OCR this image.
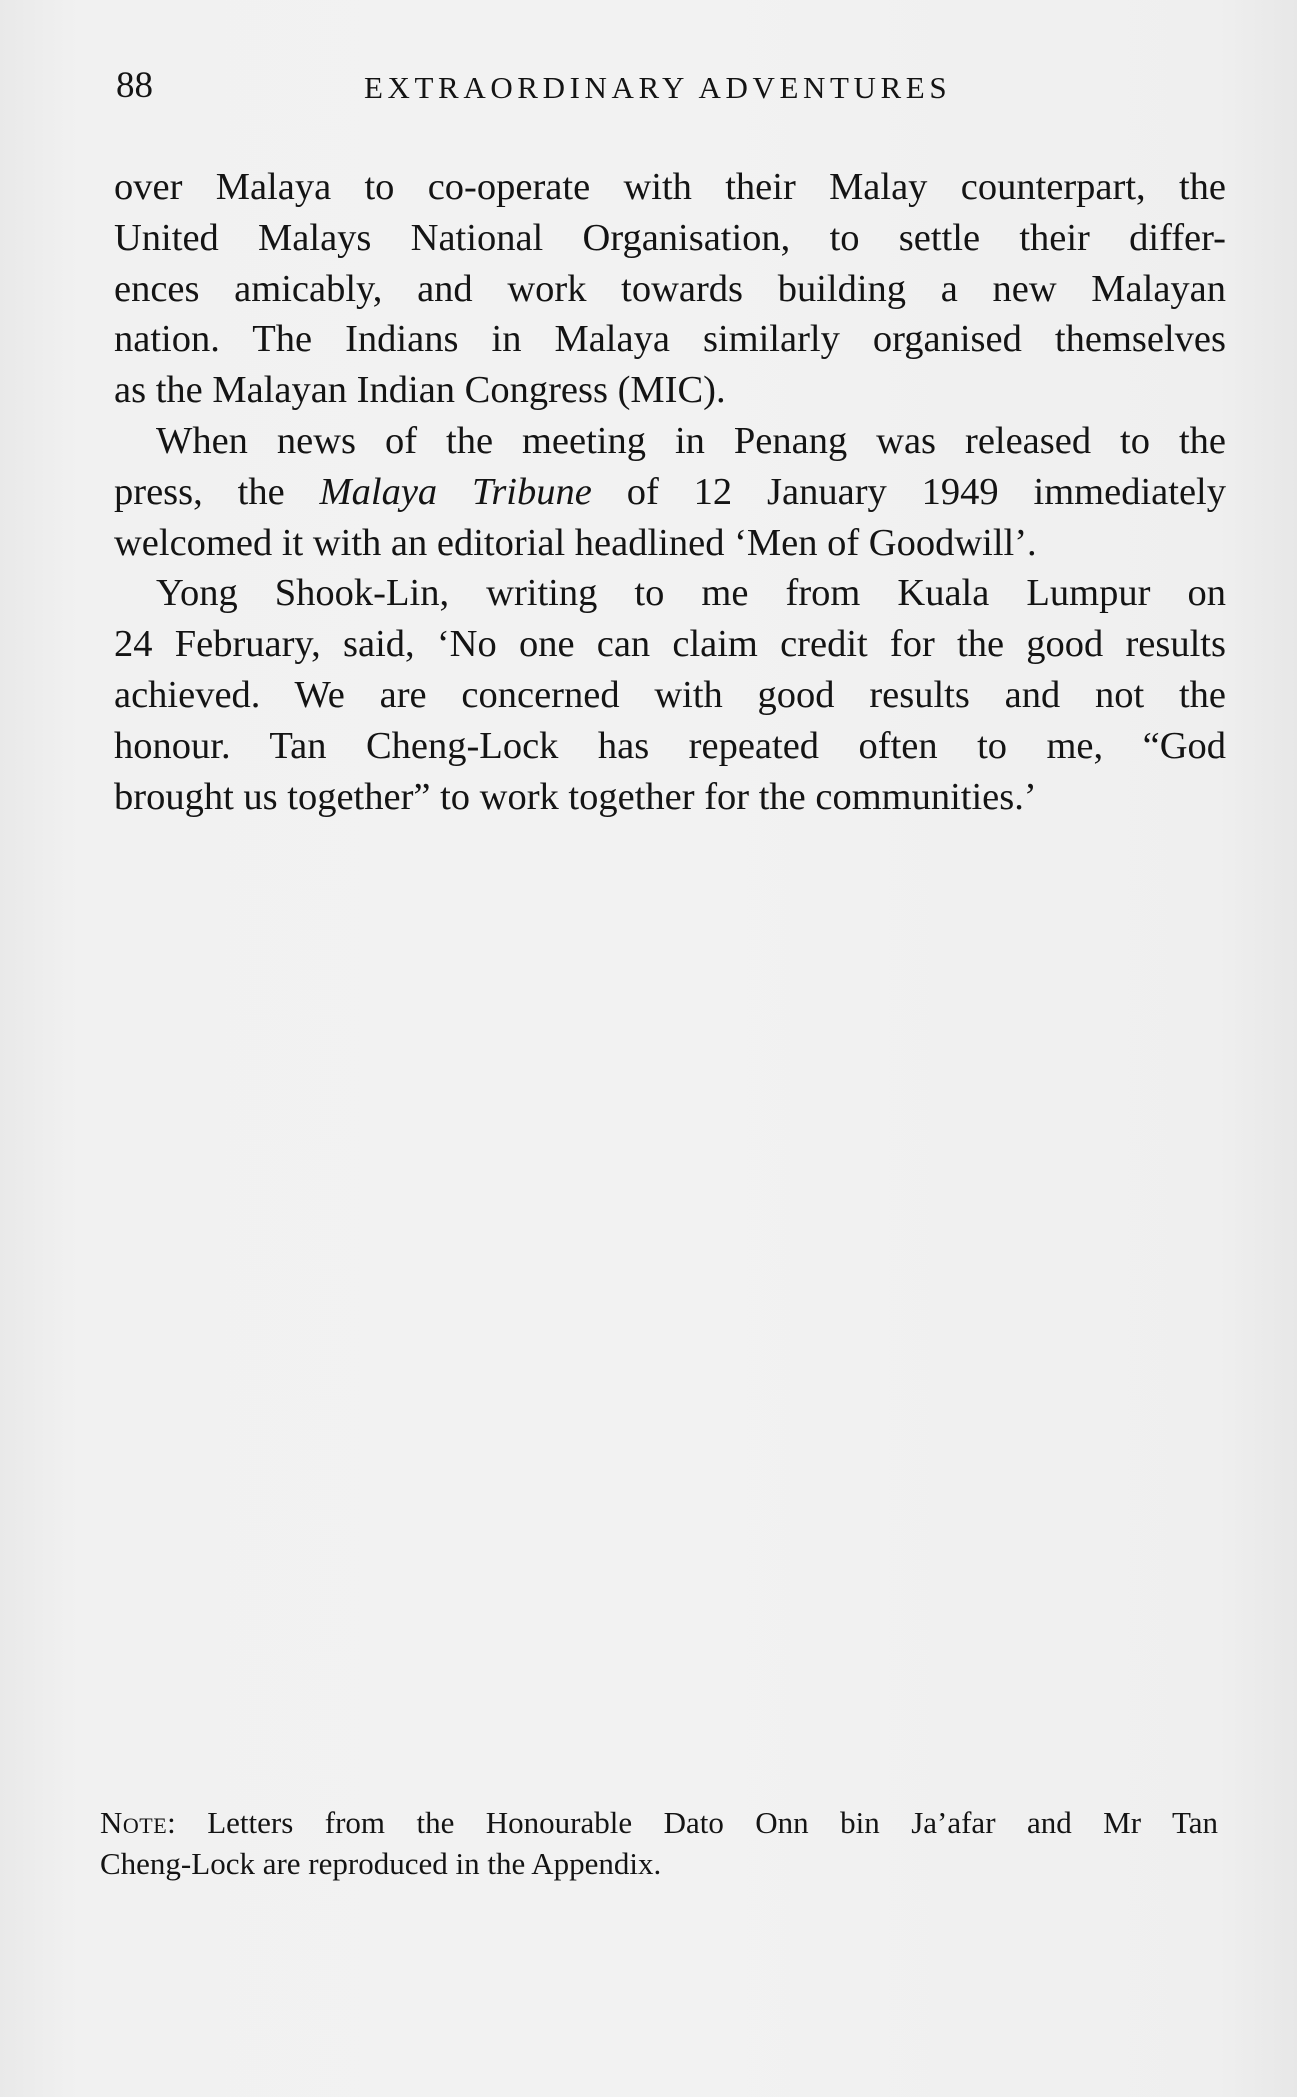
88	EXTRAORDINARY ADVENTURES

over Malaya to co-operate with their Malay counterpart, the
United Malays National Organisation, to settle their differ-
ences amicably, and work towards building a new Malayan
nation. The Indians in Malaya similarly organised themselves
as the Malayan Indian Congress (MIC).

When news of the meeting in Penang was released to the
press, the Malaya Tribune of 12 January 1949 immediately
welcomed it with an editorial headlined ‘Men of Goodwill’.

Yong Shook-Lin, writing to me from Kuala Lumpur on
24 February, said, ‘No one can claim credit for the good results
achieved. We are concerned with good results and not the
honour. Tan Cheng-Lock has repeated often to me, “God
brought us together” to work together for the communities.’

Note: Letters from the Honourable Dato Onn bin Ja’afar and Mr Tan
Cheng-Lock are reproduced in the Appendix.
